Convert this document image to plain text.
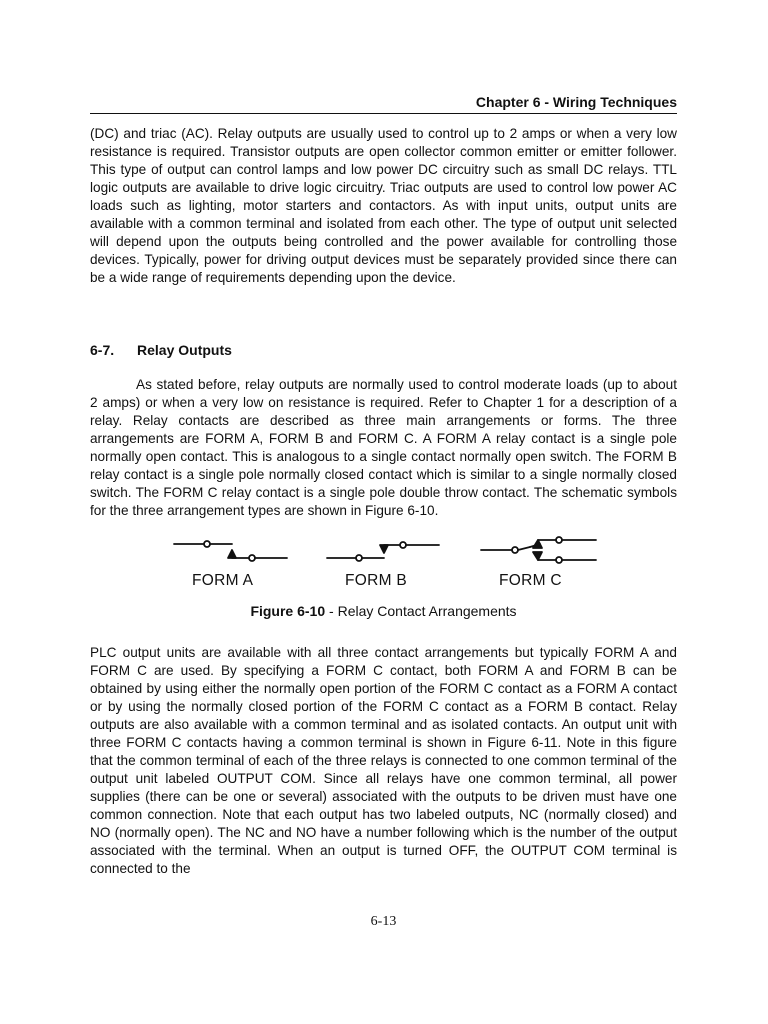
Chapter 6 - Wiring Techniques

(DC) and triac (AC). Relay outputs are usually used to control up to 2 amps or when a very low resistance is required. Transistor outputs are open collector common emitter or emitter follower. This type of output can control lamps and low power DC circuitry such as small DC relays. TTL logic outputs are available to drive logic circuitry. Triac outputs are used to control low power AC loads such as lighting, motor starters and contactors. As with input units, output units are available with a common terminal and isolated from each other. The type of output unit selected will depend upon the outputs being controlled and the power available for controlling those devices. Typically, power for driving output devices must be separately provided since there can be a wide range of requirements depending upon the device.

6-7. Relay Outputs

As stated before, relay outputs are normally used to control moderate loads (up to about 2 amps) or when a very low on resistance is required. Refer to Chapter 1 for a description of a relay. Relay contacts are described as three main arrangements or forms. The three arrangements are FORM A, FORM B and FORM C. A FORM A relay contact is a single pole normally open contact. This is analogous to a single contact normally open switch. The FORM B relay contact is a single pole normally closed contact which is similar to a single normally closed switch. The FORM C relay contact is a single pole double throw contact. The schematic symbols for the three arrangement types are shown in Figure 6-10.

FORM A	FORM B	FORM C
Figure 6-10 - Relay Contact Arrangements

PLC output units are available with all three contact arrangements but typically FORM A and FORM C are used. By specifying a FORM C contact, both FORM A and FORM B can be obtained by using either the normally open portion of the FORM C contact as a FORM A contact or by using the normally closed portion of the FORM C contact as a FORM B contact. Relay outputs are also available with a common terminal and as isolated contacts. An output unit with three FORM C contacts having a common terminal is shown in Figure 6-11. Note in this figure that the common terminal of each of the three relays is connected to one common terminal of the output unit labeled OUTPUT COM. Since all relays have one common terminal, all power supplies (there can be one or several) associated with the outputs to be driven must have one common connection. Note that each output has two labeled outputs, NC (normally closed) and NO (normally open). The NC and NO have a number following which is the number of the output associated with the terminal. When an output is turned OFF, the OUTPUT COM terminal is connected to the

6-13
